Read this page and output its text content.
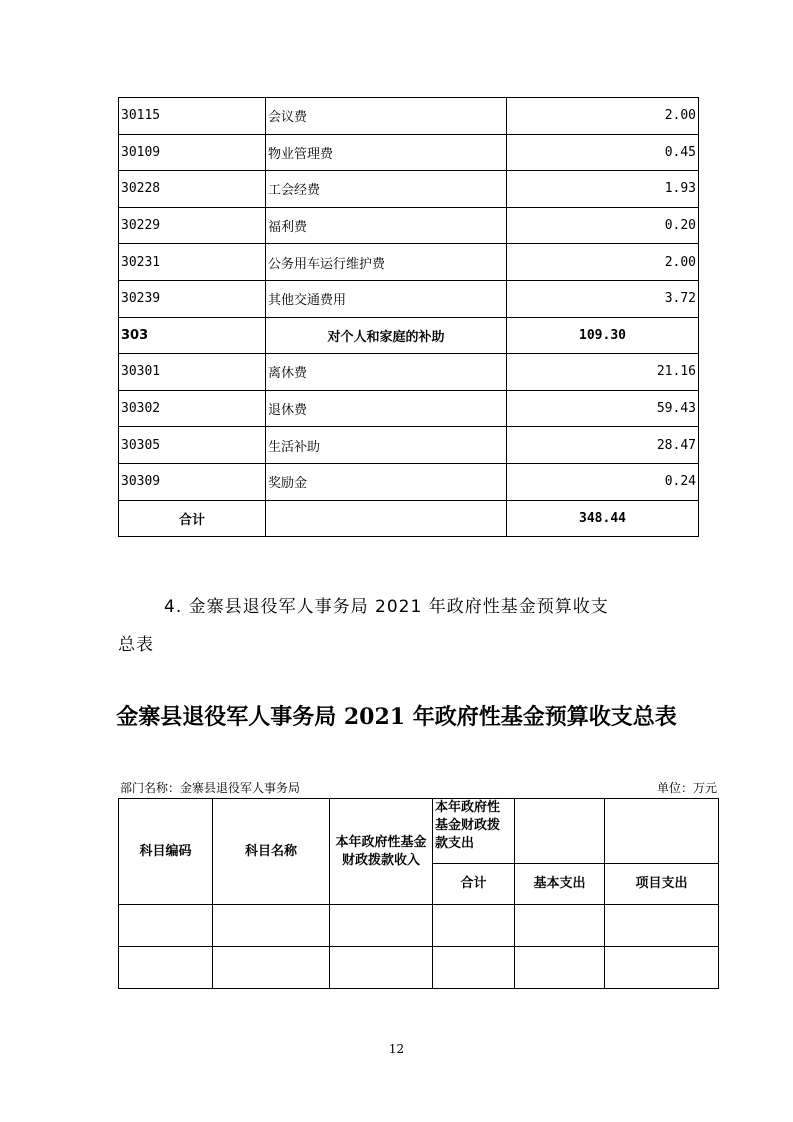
30115	会议费	2.00
30109	物业管理费	0.45
30228	工会经费	1.93
30229	福利费	0.20
30231	公务用车运行维护费	2.00
30239	其他交通费用	3.72
303	对个人和家庭的补助	109.30
30301	离休费	21.16
30302	退休费	59.43
30305	生活补助	28.47
30309	奖励金	0.24
合计		348.44
4. 金寨县退役军人事务局 2021 年政府性基金预算收支
总表
金寨县退役军人事务局 2021 年政府性基金预算收支总表
部门名称：金寨县退役军人事务局	单位：万元
科目编码	科目名称	本年政府性基金财政拨款收入	本年政府性基金财政拨款支出		
			合计	基本支出	项目支出

12
